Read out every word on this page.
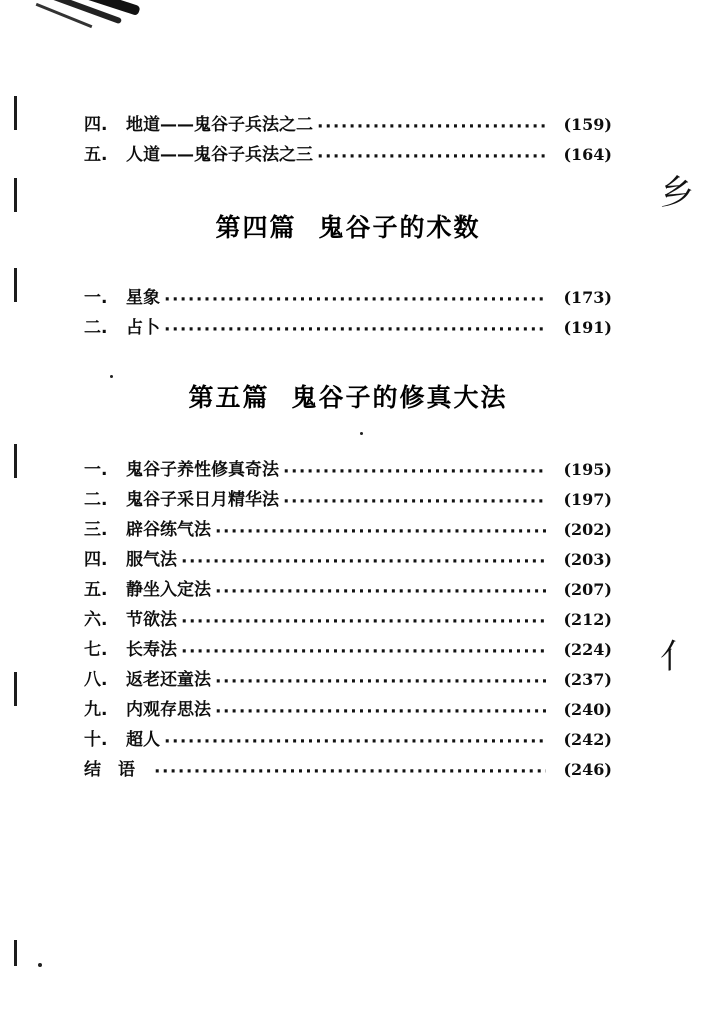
乡
亻
四.	地道——鬼谷子兵法之二 ·····	(159)
五.	人道——鬼谷子兵法之三 ·····	(164)
第四篇 鬼谷子的术数
一.	星象 ·····	(173)
二.	占卜 ·····	(191)
第五篇 鬼谷子的修真大法
一.	鬼谷子养性修真奇法 ·····	(195)
二.	鬼谷子采日月精华法 ·····	(197)
三.	辟谷练气法 ·····	(202)
四.	服气法 ·····	(203)
五.	静坐入定法 ·····	(207)
六.	节欲法 ·····	(212)
七.	长寿法 ·····	(224)
八.	返老还童法 ·····	(237)
九.	内观存思法 ·····	(240)
十.	超人 ·····	(242)
结　语 ·····	(246)
